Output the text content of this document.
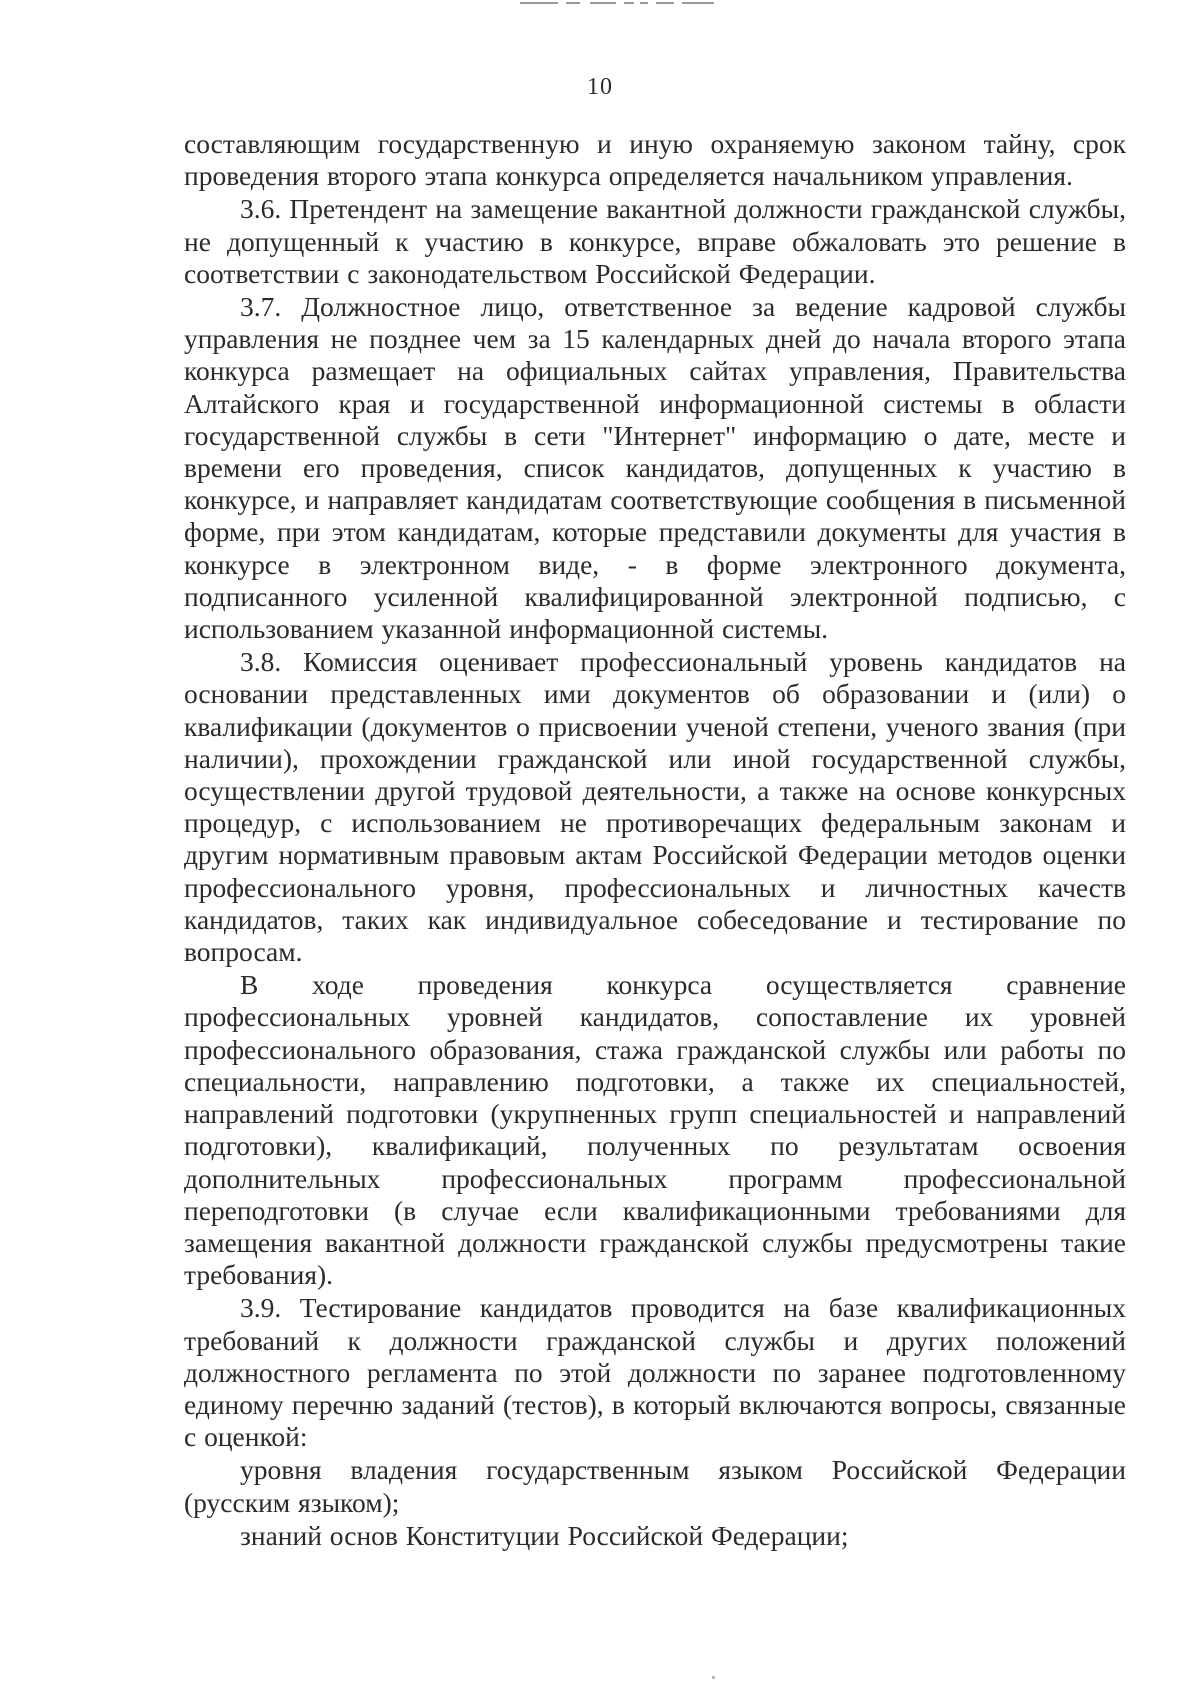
10

составляющим государственную и иную охраняемую законом тайну, срок проведения второго этапа конкурса определяется начальником управления.

3.6. Претендент на замещение вакантной должности гражданской службы, не допущенный к участию в конкурсе, вправе обжаловать это решение в соответствии с законодательством Российской Федерации.

3.7. Должностное лицо, ответственное за ведение кадровой службы управления не позднее чем за 15 календарных дней до начала второго этапа конкурса размещает на официальных сайтах управления, Правительства Алтайского края и государственной информационной системы в области государственной службы в сети "Интернет" информацию о дате, месте и времени его проведения, список кандидатов, допущенных к участию в конкурсе, и направляет кандидатам соответствующие сообщения в письменной форме, при этом кандидатам, которые представили документы для участия в конкурсе в электронном виде, - в форме электронного документа, подписанного усиленной квалифицированной электронной подписью, с использованием указанной информационной системы.

3.8. Комиссия оценивает профессиональный уровень кандидатов на основании представленных ими документов об образовании и (или) о квалификации (документов о присвоении ученой степени, ученого звания (при наличии), прохождении гражданской или иной государственной службы, осуществлении другой трудовой деятельности, а также на основе конкурсных процедур, с использованием не противоречащих федеральным законам и другим нормативным правовым актам Российской Федерации методов оценки профессионального уровня, профессиональных и личностных качеств кандидатов, таких как индивидуальное собеседование и тестирование по вопросам.

В ходе проведения конкурса осуществляется сравнение профессиональных уровней кандидатов, сопоставление их уровней профессионального образования, стажа гражданской службы или работы по специальности, направлению подготовки, а также их специальностей, направлений подготовки (укрупненных групп специальностей и направлений подготовки), квалификаций, полученных по результатам освоения дополнительных профессиональных программ профессиональной переподготовки (в случае если квалификационными требованиями для замещения вакантной должности гражданской службы предусмотрены такие требования).

3.9. Тестирование кандидатов проводится на базе квалификационных требований к должности гражданской службы и других положений должностного регламента по этой должности по заранее подготовленному единому перечню заданий (тестов), в который включаются вопросы, связанные с оценкой:

уровня владения государственным языком Российской Федерации (русским языком);

знаний основ Конституции Российской Федерации;
